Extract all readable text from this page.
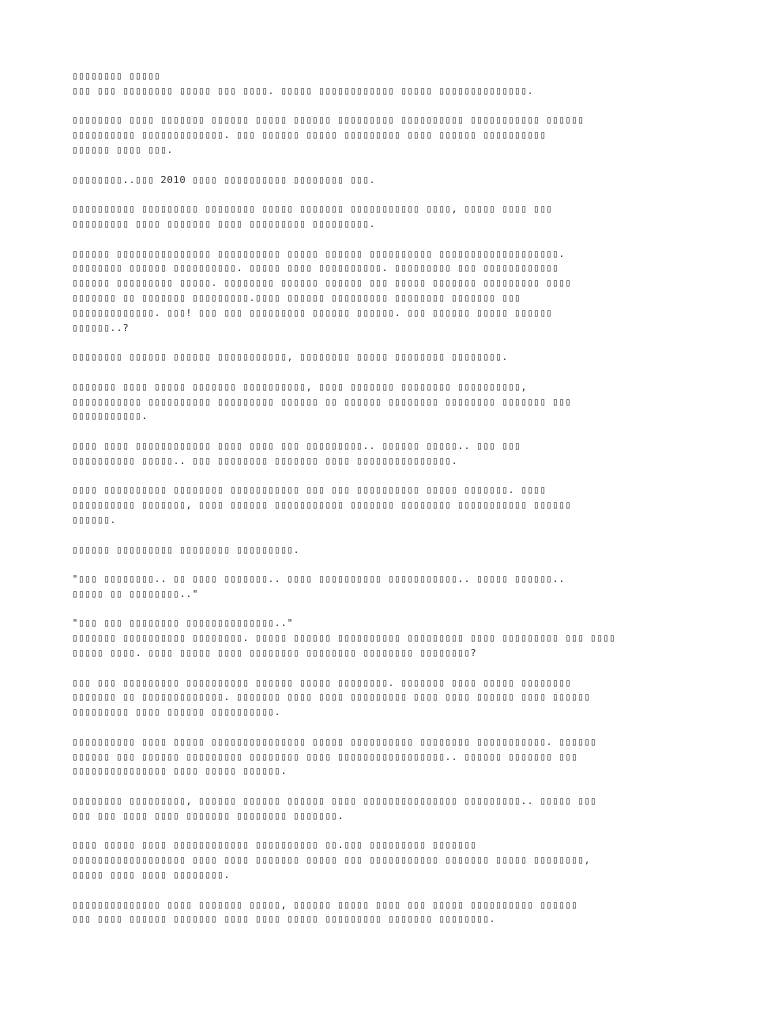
▯▯▯▯▯▯▯▯ ▯▯▯▯▯
▯▯▯ ▯▯▯ ▯▯▯▯▯▯▯▯ ▯▯▯▯▯ ▯▯▯ ▯▯▯▯. ▯▯▯▯▯ ▯▯▯▯▯▯▯▯▯▯▯▯ ▯▯▯▯▯ ▯▯▯▯▯▯▯▯▯▯▯▯▯▯.

▯▯▯▯▯▯▯▯ ▯▯▯▯ ▯▯▯▯▯▯▯ ▯▯▯▯▯▯ ▯▯▯▯▯ ▯▯▯▯▯▯ ▯▯▯▯▯▯▯▯▯ ▯▯▯▯▯▯▯▯▯▯ ▯▯▯▯▯▯▯▯▯▯▯ ▯▯▯▯▯▯
▯▯▯▯▯▯▯▯▯▯ ▯▯▯▯▯▯▯▯▯▯▯▯▯. ▯▯▯ ▯▯▯▯▯▯ ▯▯▯▯▯ ▯▯▯▯▯▯▯▯▯ ▯▯▯▯ ▯▯▯▯▯▯ ▯▯▯▯▯▯▯▯▯▯
▯▯▯▯▯▯ ▯▯▯▯ ▯▯▯.

▯▯▯▯▯▯▯▯..▯▯▯ 2010 ▯▯▯▯ ▯▯▯▯▯▯▯▯▯▯ ▯▯▯▯▯▯▯▯ ▯▯▯.

▯▯▯▯▯▯▯▯▯▯ ▯▯▯▯▯▯▯▯▯ ▯▯▯▯▯▯▯▯ ▯▯▯▯▯ ▯▯▯▯▯▯▯ ▯▯▯▯▯▯▯▯▯▯▯ ▯▯▯▯, ▯▯▯▯▯ ▯▯▯▯ ▯▯▯
▯▯▯▯▯▯▯▯▯ ▯▯▯▯ ▯▯▯▯▯▯▯ ▯▯▯▯ ▯▯▯▯▯▯▯▯▯ ▯▯▯▯▯▯▯▯▯.

▯▯▯▯▯▯ ▯▯▯▯▯▯▯▯▯▯▯▯▯▯▯ ▯▯▯▯▯▯▯▯▯▯ ▯▯▯▯▯ ▯▯▯▯▯▯ ▯▯▯▯▯▯▯▯▯▯ ▯▯▯▯▯▯▯▯▯▯▯▯▯▯▯▯▯▯▯.
▯▯▯▯▯▯▯▯ ▯▯▯▯▯▯ ▯▯▯▯▯▯▯▯▯▯. ▯▯▯▯▯ ▯▯▯▯ ▯▯▯▯▯▯▯▯▯▯. ▯▯▯▯▯▯▯▯▯ ▯▯▯ ▯▯▯▯▯▯▯▯▯▯▯▯
▯▯▯▯▯▯ ▯▯▯▯▯▯▯▯▯ ▯▯▯▯▯. ▯▯▯▯▯▯▯▯ ▯▯▯▯▯▯ ▯▯▯▯▯▯ ▯▯▯ ▯▯▯▯▯ ▯▯▯▯▯▯▯ ▯▯▯▯▯▯▯▯▯ ▯▯▯▯
▯▯▯▯▯▯▯ ▯▯ ▯▯▯▯▯▯▯ ▯▯▯▯▯▯▯▯▯.▯▯▯▯ ▯▯▯▯▯▯ ▯▯▯▯▯▯▯▯▯ ▯▯▯▯▯▯▯▯ ▯▯▯▯▯▯▯ ▯▯▯
▯▯▯▯▯▯▯▯▯▯▯▯▯. ▯▯▯! ▯▯▯ ▯▯▯ ▯▯▯▯▯▯▯▯▯ ▯▯▯▯▯▯ ▯▯▯▯▯▯. ▯▯▯ ▯▯▯▯▯▯ ▯▯▯▯▯ ▯▯▯▯▯▯
▯▯▯▯▯▯..?

▯▯▯▯▯▯▯▯ ▯▯▯▯▯▯ ▯▯▯▯▯▯ ▯▯▯▯▯▯▯▯▯▯▯, ▯▯▯▯▯▯▯▯ ▯▯▯▯▯ ▯▯▯▯▯▯▯▯ ▯▯▯▯▯▯▯▯.

▯▯▯▯▯▯▯ ▯▯▯▯ ▯▯▯▯▯ ▯▯▯▯▯▯▯ ▯▯▯▯▯▯▯▯▯▯, ▯▯▯▯ ▯▯▯▯▯▯▯ ▯▯▯▯▯▯▯▯ ▯▯▯▯▯▯▯▯▯▯,
▯▯▯▯▯▯▯▯▯▯▯ ▯▯▯▯▯▯▯▯▯▯ ▯▯▯▯▯▯▯▯▯ ▯▯▯▯▯▯ ▯▯ ▯▯▯▯▯▯ ▯▯▯▯▯▯▯▯ ▯▯▯▯▯▯▯▯ ▯▯▯▯▯▯▯ ▯▯▯
▯▯▯▯▯▯▯▯▯▯▯.

▯▯▯▯ ▯▯▯▯ ▯▯▯▯▯▯▯▯▯▯▯▯ ▯▯▯▯ ▯▯▯▯ ▯▯▯ ▯▯▯▯▯▯▯▯▯.. ▯▯▯▯▯▯ ▯▯▯▯▯.. ▯▯▯ ▯▯▯
▯▯▯▯▯▯▯▯▯▯ ▯▯▯▯▯.. ▯▯▯ ▯▯▯▯▯▯▯▯ ▯▯▯▯▯▯▯ ▯▯▯▯ ▯▯▯▯▯▯▯▯▯▯▯▯▯▯▯.

▯▯▯▯ ▯▯▯▯▯▯▯▯▯▯ ▯▯▯▯▯▯▯▯ ▯▯▯▯▯▯▯▯▯▯▯ ▯▯▯ ▯▯▯ ▯▯▯▯▯▯▯▯▯▯ ▯▯▯▯▯ ▯▯▯▯▯▯▯. ▯▯▯▯
▯▯▯▯▯▯▯▯▯▯ ▯▯▯▯▯▯▯, ▯▯▯▯ ▯▯▯▯▯▯ ▯▯▯▯▯▯▯▯▯▯▯ ▯▯▯▯▯▯▯ ▯▯▯▯▯▯▯▯ ▯▯▯▯▯▯▯▯▯▯▯ ▯▯▯▯▯▯
▯▯▯▯▯▯.

▯▯▯▯▯▯ ▯▯▯▯▯▯▯▯▯ ▯▯▯▯▯▯▯▯ ▯▯▯▯▯▯▯▯▯.

"▯▯▯ ▯▯▯▯▯▯▯▯.. ▯▯ ▯▯▯▯ ▯▯▯▯▯▯▯.. ▯▯▯▯ ▯▯▯▯▯▯▯▯▯▯ ▯▯▯▯▯▯▯▯▯▯▯.. ▯▯▯▯▯ ▯▯▯▯▯▯..
▯▯▯▯▯ ▯▯ ▯▯▯▯▯▯▯▯.."

"▯▯▯ ▯▯▯ ▯▯▯▯▯▯▯▯ ▯▯▯▯▯▯▯▯▯▯▯▯▯▯.."
▯▯▯▯▯▯▯ ▯▯▯▯▯▯▯▯▯▯ ▯▯▯▯▯▯▯▯. ▯▯▯▯▯ ▯▯▯▯▯▯ ▯▯▯▯▯▯▯▯▯▯ ▯▯▯▯▯▯▯▯▯ ▯▯▯▯ ▯▯▯▯▯▯▯▯▯ ▯▯▯ ▯▯▯▯
▯▯▯▯▯ ▯▯▯▯. ▯▯▯▯ ▯▯▯▯▯ ▯▯▯▯ ▯▯▯▯▯▯▯▯ ▯▯▯▯▯▯▯▯ ▯▯▯▯▯▯▯▯ ▯▯▯▯▯▯▯▯?

▯▯▯ ▯▯▯ ▯▯▯▯▯▯▯▯▯ ▯▯▯▯▯▯▯▯▯▯ ▯▯▯▯▯▯ ▯▯▯▯▯ ▯▯▯▯▯▯▯▯. ▯▯▯▯▯▯▯ ▯▯▯▯ ▯▯▯▯▯ ▯▯▯▯▯▯▯▯
▯▯▯▯▯▯▯ ▯▯ ▯▯▯▯▯▯▯▯▯▯▯▯▯. ▯▯▯▯▯▯▯ ▯▯▯▯ ▯▯▯▯ ▯▯▯▯▯▯▯▯▯ ▯▯▯▯ ▯▯▯▯ ▯▯▯▯▯▯ ▯▯▯▯ ▯▯▯▯▯▯
▯▯▯▯▯▯▯▯▯ ▯▯▯▯ ▯▯▯▯▯▯ ▯▯▯▯▯▯▯▯▯▯.

▯▯▯▯▯▯▯▯▯▯ ▯▯▯▯ ▯▯▯▯▯ ▯▯▯▯▯▯▯▯▯▯▯▯▯▯▯ ▯▯▯▯▯ ▯▯▯▯▯▯▯▯▯▯ ▯▯▯▯▯▯▯▯ ▯▯▯▯▯▯▯▯▯▯▯. ▯▯▯▯▯▯
▯▯▯▯▯▯ ▯▯▯ ▯▯▯▯▯▯ ▯▯▯▯▯▯▯▯▯ ▯▯▯▯▯▯▯▯ ▯▯▯▯ ▯▯▯▯▯▯▯▯▯▯▯▯▯▯▯▯▯.. ▯▯▯▯▯▯ ▯▯▯▯▯▯▯ ▯▯▯
▯▯▯▯▯▯▯▯▯▯▯▯▯▯▯ ▯▯▯▯ ▯▯▯▯▯ ▯▯▯▯▯▯.

▯▯▯▯▯▯▯▯ ▯▯▯▯▯▯▯▯▯, ▯▯▯▯▯▯ ▯▯▯▯▯▯ ▯▯▯▯▯▯ ▯▯▯▯ ▯▯▯▯▯▯▯▯▯▯▯▯▯▯▯ ▯▯▯▯▯▯▯▯▯.. ▯▯▯▯▯ ▯▯▯
▯▯▯ ▯▯▯ ▯▯▯▯ ▯▯▯▯ ▯▯▯▯▯▯▯ ▯▯▯▯▯▯▯▯ ▯▯▯▯▯▯▯.

▯▯▯▯ ▯▯▯▯▯ ▯▯▯▯ ▯▯▯▯▯▯▯▯▯▯▯▯ ▯▯▯▯▯▯▯▯▯▯ ▯▯.▯▯▯ ▯▯▯▯▯▯▯▯▯ ▯▯▯▯▯▯▯
▯▯▯▯▯▯▯▯▯▯▯▯▯▯▯▯▯▯ ▯▯▯▯ ▯▯▯▯ ▯▯▯▯▯▯▯ ▯▯▯▯▯ ▯▯▯ ▯▯▯▯▯▯▯▯▯▯▯ ▯▯▯▯▯▯▯ ▯▯▯▯▯ ▯▯▯▯▯▯▯▯,
▯▯▯▯▯ ▯▯▯▯ ▯▯▯▯ ▯▯▯▯▯▯▯▯.

▯▯▯▯▯▯▯▯▯▯▯▯▯▯ ▯▯▯▯ ▯▯▯▯▯▯▯ ▯▯▯▯▯, ▯▯▯▯▯▯ ▯▯▯▯▯ ▯▯▯▯ ▯▯▯ ▯▯▯▯▯ ▯▯▯▯▯▯▯▯▯▯ ▯▯▯▯▯▯
▯▯▯ ▯▯▯▯ ▯▯▯▯▯▯ ▯▯▯▯▯▯▯ ▯▯▯▯ ▯▯▯▯ ▯▯▯▯▯ ▯▯▯▯▯▯▯▯▯ ▯▯▯▯▯▯▯ ▯▯▯▯▯▯▯▯.
